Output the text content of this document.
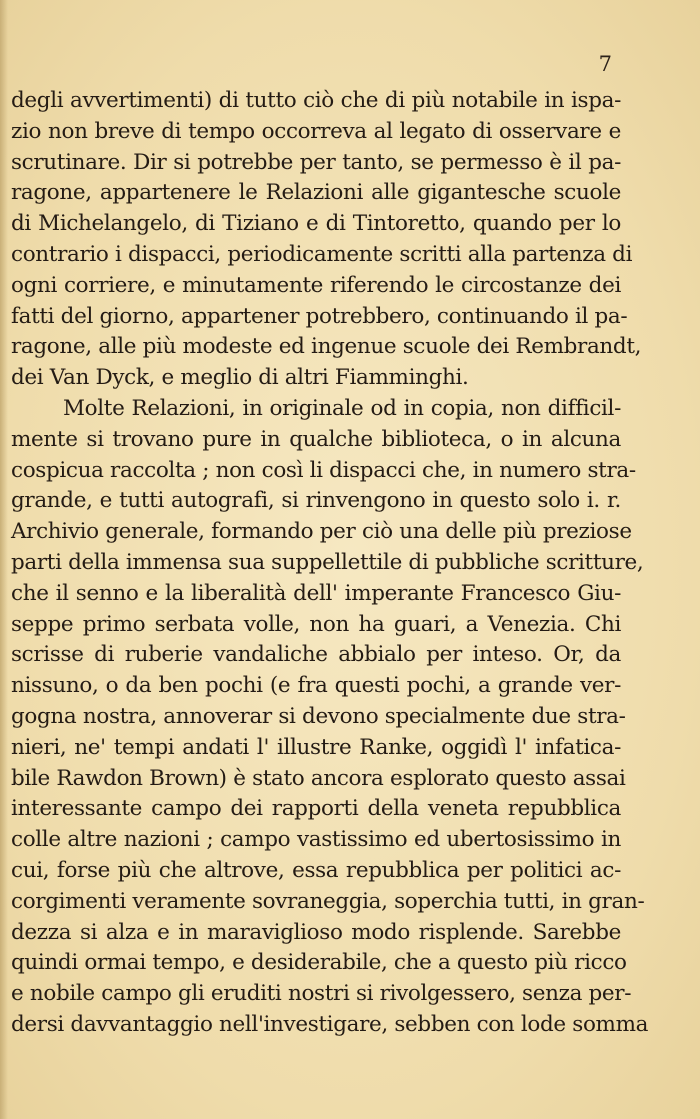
7
degli avvertimenti) di tutto ciò che di più notabile in ispa-
zio non breve di tempo occorreva al legato di osservare e
scrutinare. Dir si potrebbe per tanto, se permesso è il pa-
ragone, appartenere le Relazioni alle gigantesche scuole
di Michelangelo, di Tiziano e di Tintoretto, quando per lo
contrario i dispacci, periodicamente scritti alla partenza di
ogni corriere, e minutamente riferendo le circostanze dei
fatti del giorno, appartener potrebbero, continuando il pa-
ragone, alle più modeste ed ingenue scuole dei Rembrandt,
dei Van Dyck, e meglio di altri Fiamminghi.
Molte Relazioni, in originale od in copia, non difficil-
mente si trovano pure in qualche biblioteca, o in alcuna
cospicua raccolta ; non così li dispacci che, in numero stra-
grande, e tutti autografi, si rinvengono in questo solo i. r.
Archivio generale, formando per ciò una delle più preziose
parti della immensa sua suppellettile di pubbliche scritture,
che il senno e la liberalità dell' imperante Francesco Giu-
seppe primo serbata volle, non ha guari, a Venezia. Chi
scrisse di ruberie vandaliche abbialo per inteso. Or, da
nissuno, o da ben pochi (e fra questi pochi, a grande ver-
gogna nostra, annoverar si devono specialmente due stra-
nieri, ne' tempi andati l' illustre Ranke, oggidì l' infatica-
bile Rawdon Brown) è stato ancora esplorato questo assai
interessante campo dei rapporti della veneta repubblica
colle altre nazioni ; campo vastissimo ed ubertosissimo in
cui, forse più che altrove, essa repubblica per politici ac-
corgimenti veramente sovraneggia, soperchia tutti, in gran-
dezza si alza e in maraviglioso modo risplende. Sarebbe
quindi ormai tempo, e desiderabile, che a questo più ricco
e nobile campo gli eruditi nostri si rivolgessero, senza per-
dersi davvantaggio nell'investigare, sebben con lode somma
